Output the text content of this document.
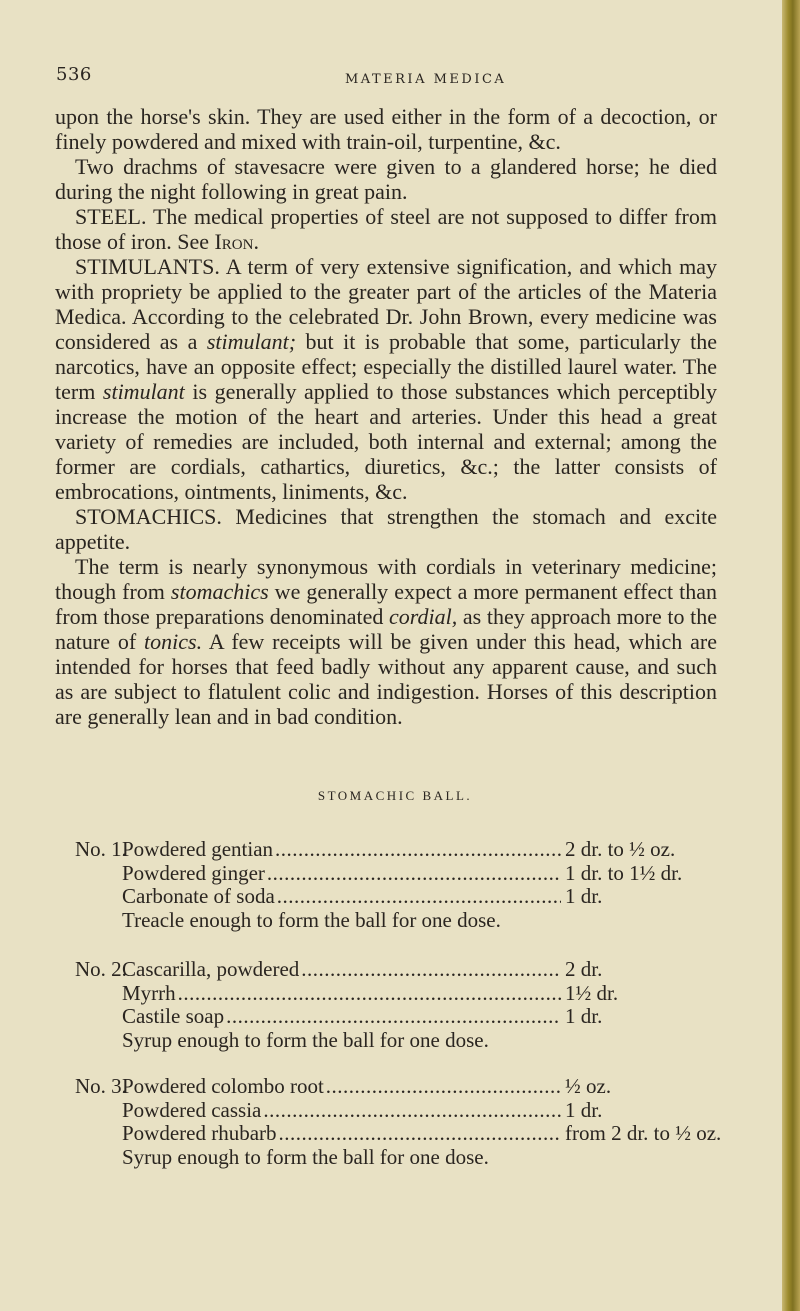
536	MATERIA MEDICA

upon the horse's skin. They are used either in the form of a decoction, or finely powdered and mixed with train-oil, turpentine, &c.

Two drachms of stavesacre were given to a glandered horse; he died during the night following in great pain.

STEEL. The medical properties of steel are not supposed to differ from those of iron. See Iron.

STIMULANTS. A term of very extensive signification, and which may with propriety be applied to the greater part of the articles of the Materia Medica. According to the celebrated Dr. John Brown, every medicine was considered as a stimulant; but it is probable that some, particularly the narcotics, have an opposite effect; especially the distilled laurel water. The term stimulant is generally applied to those substances which perceptibly increase the motion of the heart and arteries. Under this head a great variety of remedies are included, both internal and external; among the former are cordials, cathartics, diuretics, &c.; the latter consists of embrocations, ointments, liniments, &c.

STOMACHICS. Medicines that strengthen the stomach and excite appetite.

The term is nearly synonymous with cordials in veterinary medicine; though from stomachics we generally expect a more permanent effect than from those preparations denominated cordial, as they approach more to the nature of tonics. A few receipts will be given under this head, which are intended for horses that feed badly without any apparent cause, and such as are subject to flatulent colic and indigestion. Horses of this description are generally lean and in bad condition.

STOMACHIC BALL.
No. 1.
Powdered gentian .....	2 dr. to ½ oz.
Powdered ginger .....	1 dr. to 1½ dr.
Carbonate of soda .....	1 dr.
Treacle enough to form the ball for one dose.
No. 2.
Cascarilla, powdered .....	2 dr.
Myrrh .....	1½ dr.
Castile soap .....	1 dr.
Syrup enough to form the ball for one dose.
No. 3.
Powdered colombo root .....	½ oz.
Powdered cassia .....	1 dr.
Powdered rhubarb .....	from 2 dr. to ½ oz.
Syrup enough to form the ball for one dose.
